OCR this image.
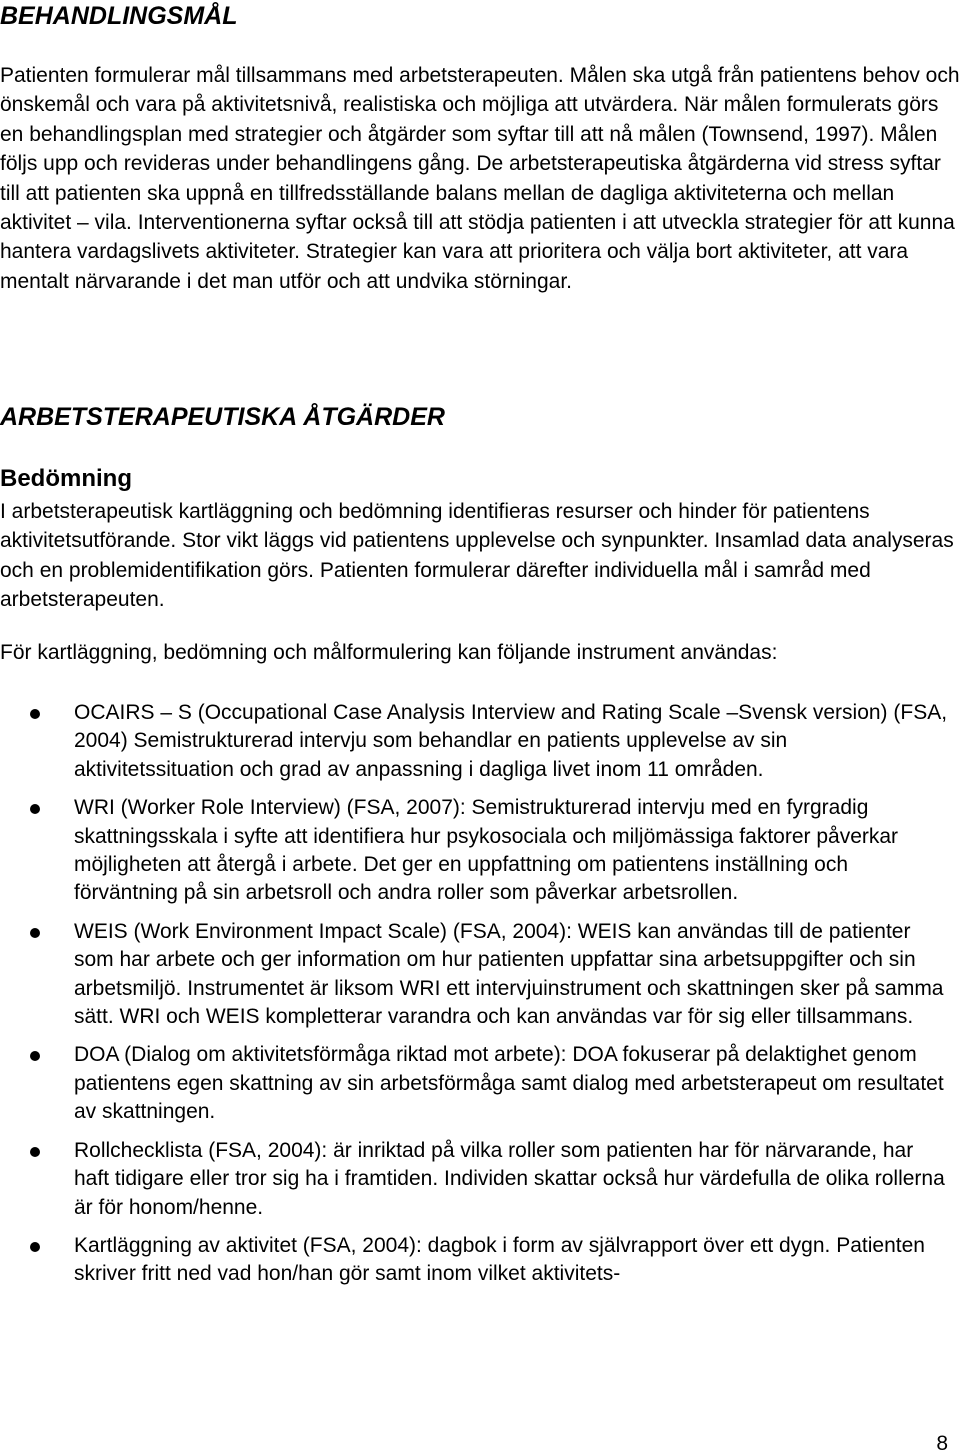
BEHANDLINGSMÅL

Patienten formulerar mål tillsammans med arbetsterapeuten. Målen ska utgå från patientens behov och önskemål och vara på aktivitetsnivå, realistiska och möjliga att utvärdera. När målen formulerats görs en behandlingsplan med strategier och åtgärder som syftar till att nå målen (Townsend, 1997). Målen följs upp och revideras under behandlingens gång. De arbetsterapeutiska åtgärderna vid stress syftar till att patienten ska uppnå en tillfredsställande balans mellan de dagliga aktiviteterna och mellan aktivitet – vila. Interventionerna syftar också till att stödja patienten i att utveckla strategier för att kunna hantera vardagslivets aktiviteter. Strategier kan vara att prioritera och välja bort aktiviteter, att vara mentalt närvarande i det man utför och att undvika störningar.

ARBETSTERAPEUTISKA ÅTGÄRDER
Bedömning

I arbetsterapeutisk kartläggning och bedömning identifieras resurser och hinder för patientens aktivitetsutförande. Stor vikt läggs vid patientens upplevelse och synpunkter. Insamlad data analyseras och en problemidentifikation görs. Patienten formulerar därefter individuella mål i samråd med arbetsterapeuten.

För kartläggning, bedömning och målformulering kan följande instrument användas:

OCAIRS – S (Occupational Case Analysis Interview and Rating Scale –Svensk version) (FSA, 2004) Semistrukturerad intervju som behandlar en patients upplevelse av sin aktivitetssituation och grad av anpassning i dagliga livet inom 11 områden.
WRI (Worker Role Interview) (FSA, 2007): Semistrukturerad intervju med en fyrgradig skattningsskala i syfte att identifiera hur psykosociala och miljömässiga faktorer påverkar möjligheten att återgå i arbete. Det ger en uppfattning om patientens inställning och förväntning på sin arbetsroll och andra roller som påverkar arbetsrollen.
WEIS (Work Environment Impact Scale) (FSA, 2004): WEIS kan användas till de patienter som har arbete och ger information om hur patienten uppfattar sina arbetsuppgifter och sin arbetsmiljö. Instrumentet är liksom WRI ett intervjuinstrument och skattningen sker på samma sätt. WRI och WEIS kompletterar varandra och kan användas var för sig eller tillsammans.
DOA (Dialog om aktivitetsförmåga riktad mot arbete): DOA fokuserar på delaktighet genom patientens egen skattning av sin arbetsförmåga samt dialog med arbetsterapeut om resultatet av skattningen.
Rollchecklista (FSA, 2004): är inriktad på vilka roller som patienten har för närvarande, har haft tidigare eller tror sig ha i framtiden. Individen skattar också hur värdefulla de olika rollerna är för honom/henne.
Kartläggning av aktivitet (FSA, 2004): dagbok i form av självrapport över ett dygn. Patienten skriver fritt ned vad hon/han gör samt inom vilket aktivitets-
8
